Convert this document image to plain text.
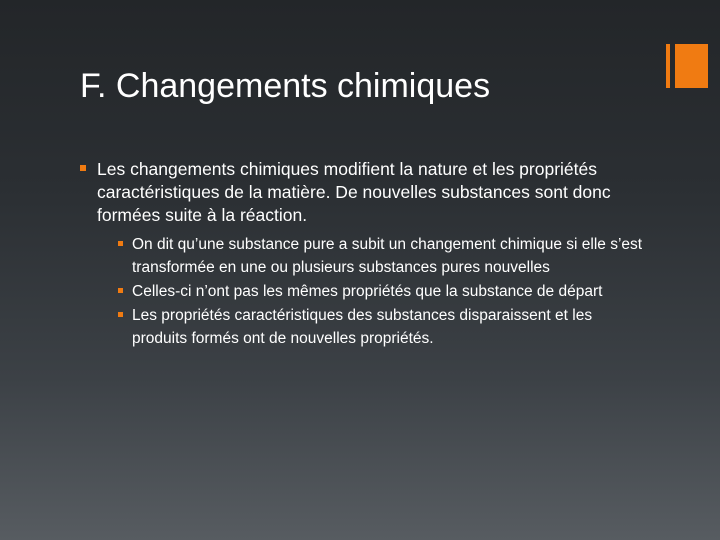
F. Changements chimiques
Les changements chimiques modifient la nature et les propriétés caractéristiques de la matière. De nouvelles substances sont donc formées suite à la réaction.
On dit qu’une substance pure a subit un changement chimique si elle s’est transformée en une ou plusieurs substances pures nouvelles
Celles-ci n’ont pas les mêmes propriétés que la substance de départ
Les propriétés caractéristiques des substances disparaissent et les produits formés ont de nouvelles propriétés.
